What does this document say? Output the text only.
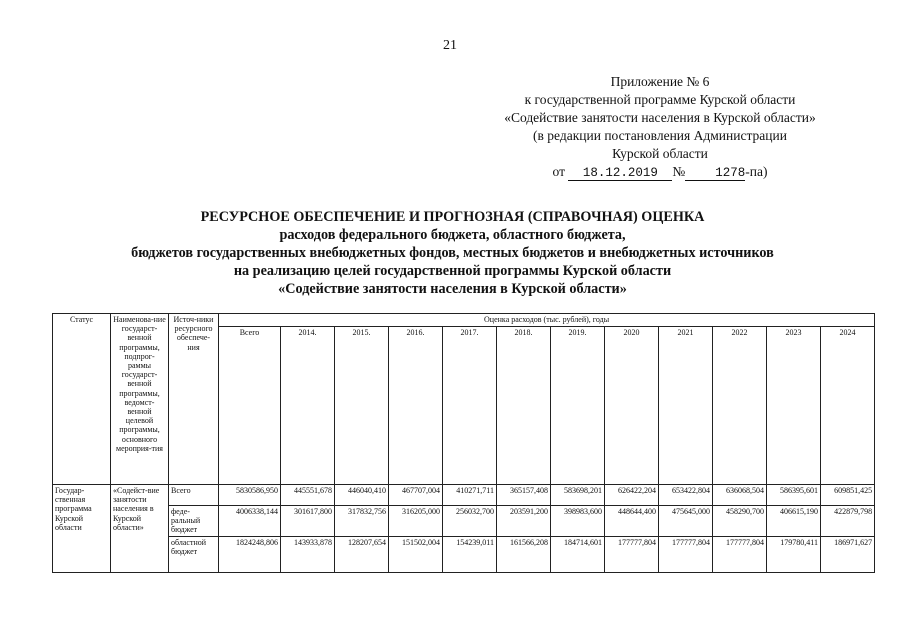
21
Приложение № 6
к государственной программе Курской области
«Содействие занятости населения в Курской области»
(в редакции постановления Администрации
Курской области
от 18.12.2019 № 1278-па)
РЕСУРСНОЕ ОБЕСПЕЧЕНИЕ И ПРОГНОЗНАЯ (СПРАВОЧНАЯ) ОЦЕНКА
расходов федерального бюджета, областного бюджета,
бюджетов государственных внебюджетных фондов, местных бюджетов и внебюджетных источников
на реализацию целей государственной программы Курской области
«Содействие занятости населения в Курской области»
Статус	Наименова-ние государст-венной программы, подпрог-раммы государст-венной программы, ведомст-венной целевой программы, основного мероприя-тия	Источ-ники ресурсного обеспече-ния	Оценка расходов (тыс. рублей), годы											
			Всего	2014.	2015.	2016.	2017.	2018.	2019.	2020	2021	2022	2023	2024
Государ-ственная программа Курской области	«Содейст-вие занятости населения в Курской области»	Всего	5830586,950	445551,678	446040,410	467707,004	410271,711	365157,408	583698,201	626422,204	653422,804	636068,504	586395,601	609851,425
		феде-ральный бюджет	4006338,144	301617,800	317832,756	316205,000	256032,700	203591,200	398983,600	448644,400	475645,000	458290,700	406615,190	422879,798
		областной бюджет	1824248,806	143933,878	128207,654	151502,004	154239,011	161566,208	184714,601	177777,804	177777,804	177777,804	179780,411	186971,627
